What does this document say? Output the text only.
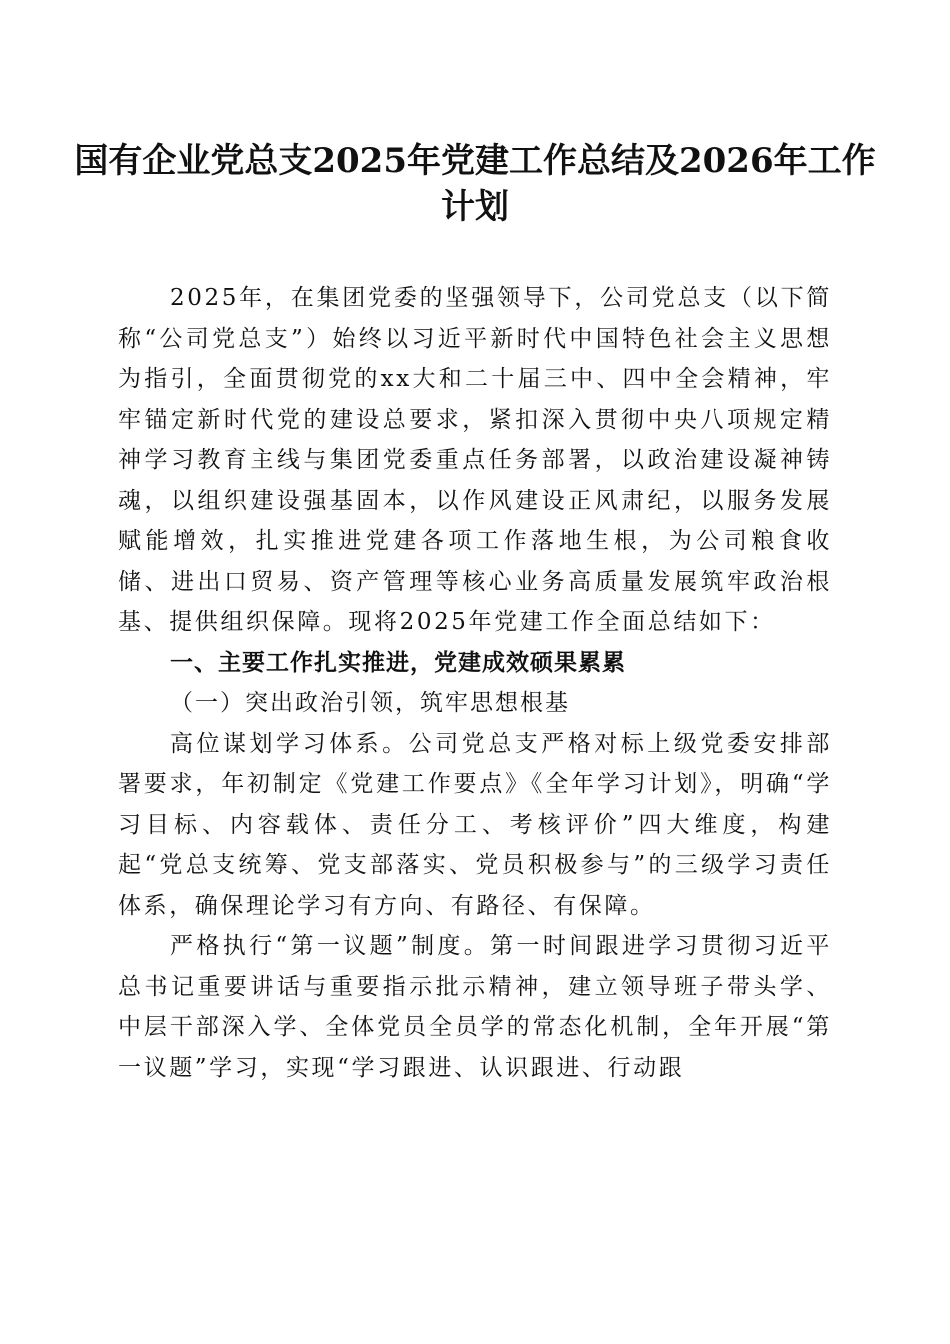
国有企业党总支2025年党建工作总结及2026年工作计划

2025年，在集团党委的坚强领导下，公司党总支（以下简称“公司党总支”）始终以习近平新时代中国特色社会主义思想为指引，全面贯彻党的xx大和二十届三中、四中全会精神，牢牢锚定新时代党的建设总要求，紧扣深入贯彻中央八项规定精神学习教育主线与集团党委重点任务部署，以政治建设凝神铸魂，以组织建设强基固本，以作风建设正风肃纪，以服务发展赋能增效，扎实推进党建各项工作落地生根，为公司粮食收储、进出口贸易、资产管理等核心业务高质量发展筑牢政治根基、提供组织保障。现将2025年党建工作全面总结如下：

一、主要工作扎实推进，党建成效硕果累累

（一）突出政治引领，筑牢思想根基

高位谋划学习体系。公司党总支严格对标上级党委安排部署要求，年初制定《党建工作要点》《全年学习计划》，明确“学习目标、内容载体、责任分工、考核评价”四大维度，构建起“党总支统筹、党支部落实、党员积极参与”的三级学习责任体系，确保理论学习有方向、有路径、有保障。

严格执行“第一议题”制度。第一时间跟进学习贯彻习近平总书记重要讲话与重要指示批示精神，建立领导班子带头学、中层干部深入学、全体党员全员学的常态化机制，全年开展“第一议题”学习，实现“学习跟进、认识跟进、行动跟
